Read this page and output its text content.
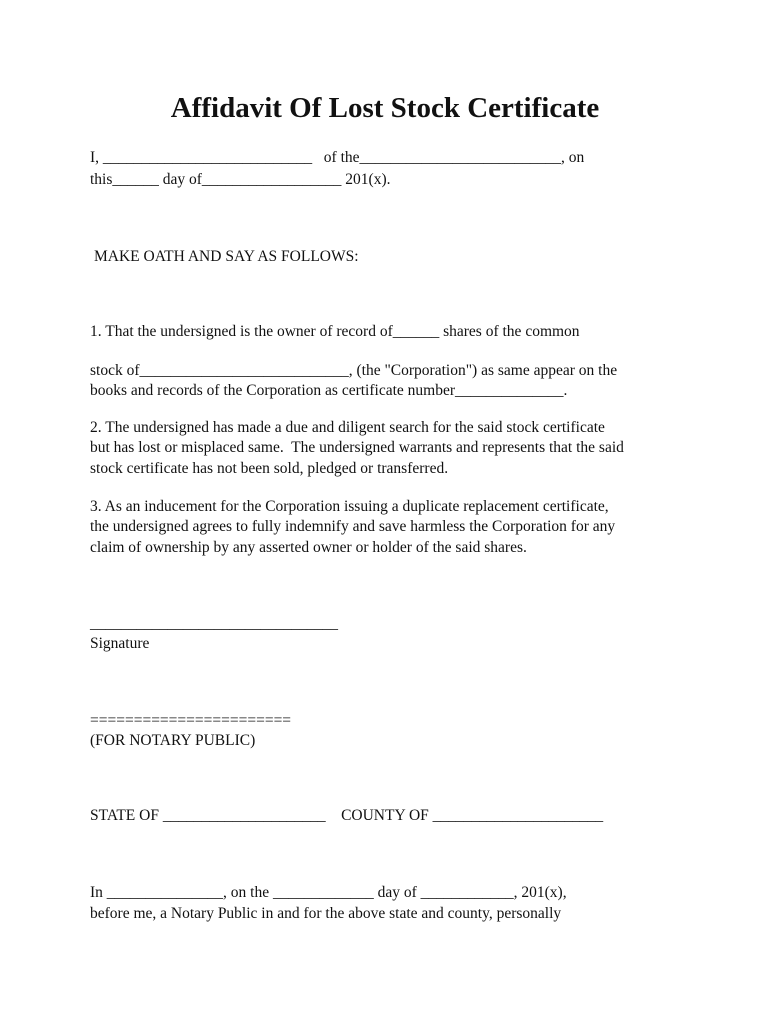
Affidavit Of Lost Stock Certificate

I, ___________________________   of the__________________________, on

this______ day of__________________ 201(x).

MAKE OATH AND SAY AS FOLLOWS:

1. That the undersigned is the owner of record of______ shares of the common

stock of___________________________, (the "Corporation") as same appear on the

books and records of the Corporation as certificate number______________.

2. The undersigned has made a due and diligent search for the said stock certificate

but has lost or misplaced same.  The undersigned warrants and represents that the said

stock certificate has not been sold, pledged or transferred.

3. As an inducement for the Corporation issuing a duplicate replacement certificate,

the undersigned agrees to fully indemnify and save harmless the Corporation for any

claim of ownership by any asserted owner or holder of the said shares.

________________________________

Signature

=======================

(FOR NOTARY PUBLIC)

STATE OF _____________________    COUNTY OF ______________________

In _______________, on the _____________ day of ____________, 201(x),

before me, a Notary Public in and for the above state and county, personally
